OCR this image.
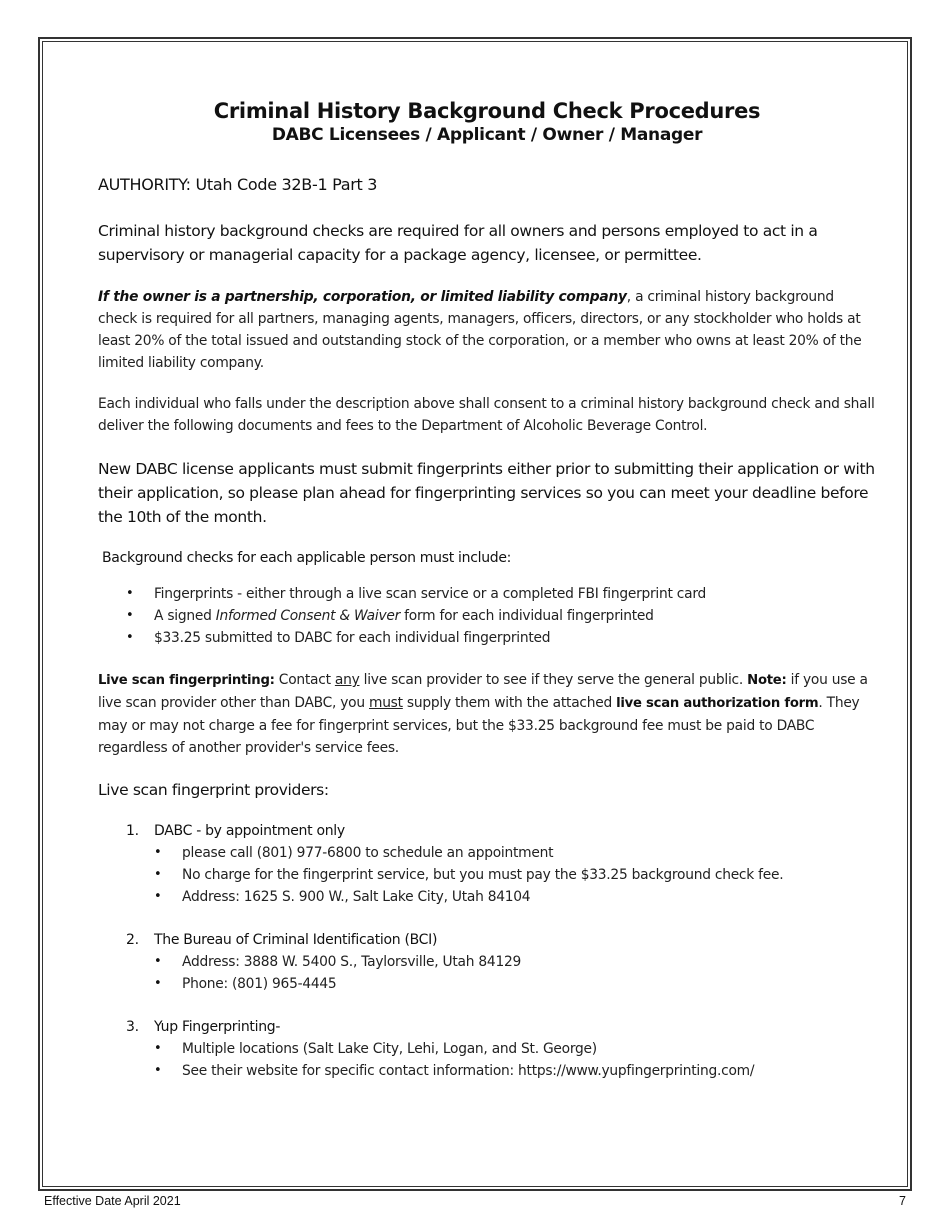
Criminal History Background Check Procedures
DABC Licensees / Applicant / Owner / Manager
AUTHORITY: Utah Code 32B-1 Part 3
Criminal history background checks are required for all owners and persons employed to act in a supervisory or managerial capacity for a package agency, licensee, or permittee.
If the owner is a partnership, corporation, or limited liability company, a criminal history background check is required for all partners, managing agents, managers, officers, directors, or any stockholder who holds at least 20% of the total issued and outstanding stock of the corporation, or a member who owns at least 20% of the limited liability company.
Each individual who falls under the description above shall consent to a criminal history background check and shall deliver the following documents and fees to the Department of Alcoholic Beverage Control.
New DABC license applicants must submit fingerprints either prior to submitting their application or with their application, so please plan ahead for fingerprinting services so you can meet your deadline before the 10th of the month.
Background checks for each applicable person must include:
• Fingerprints - either through a live scan service or a completed FBI fingerprint card
• A signed Informed Consent & Waiver form for each individual fingerprinted
• $33.25 submitted to DABC for each individual fingerprinted
Live scan fingerprinting: Contact any live scan provider to see if they serve the general public. Note: if you use a live scan provider other than DABC, you must supply them with the attached live scan authorization form. They may or may not charge a fee for fingerprint services, but the $33.25 background fee must be paid to DABC regardless of another provider's service fees.
Live scan fingerprint providers:
1. DABC - by appointment only
• please call (801) 977-6800 to schedule an appointment
• No charge for the fingerprint service, but you must pay the $33.25 background check fee.
• Address: 1625 S. 900 W., Salt Lake City, Utah 84104
2. The Bureau of Criminal Identification (BCI)
• Address: 3888 W. 5400 S., Taylorsville, Utah 84129
• Phone: (801) 965-4445
3. Yup Fingerprinting-
• Multiple locations (Salt Lake City, Lehi, Logan, and St. George)
• See their website for specific contact information: https://www.yupfingerprinting.com/
Effective Date April 2021	7
